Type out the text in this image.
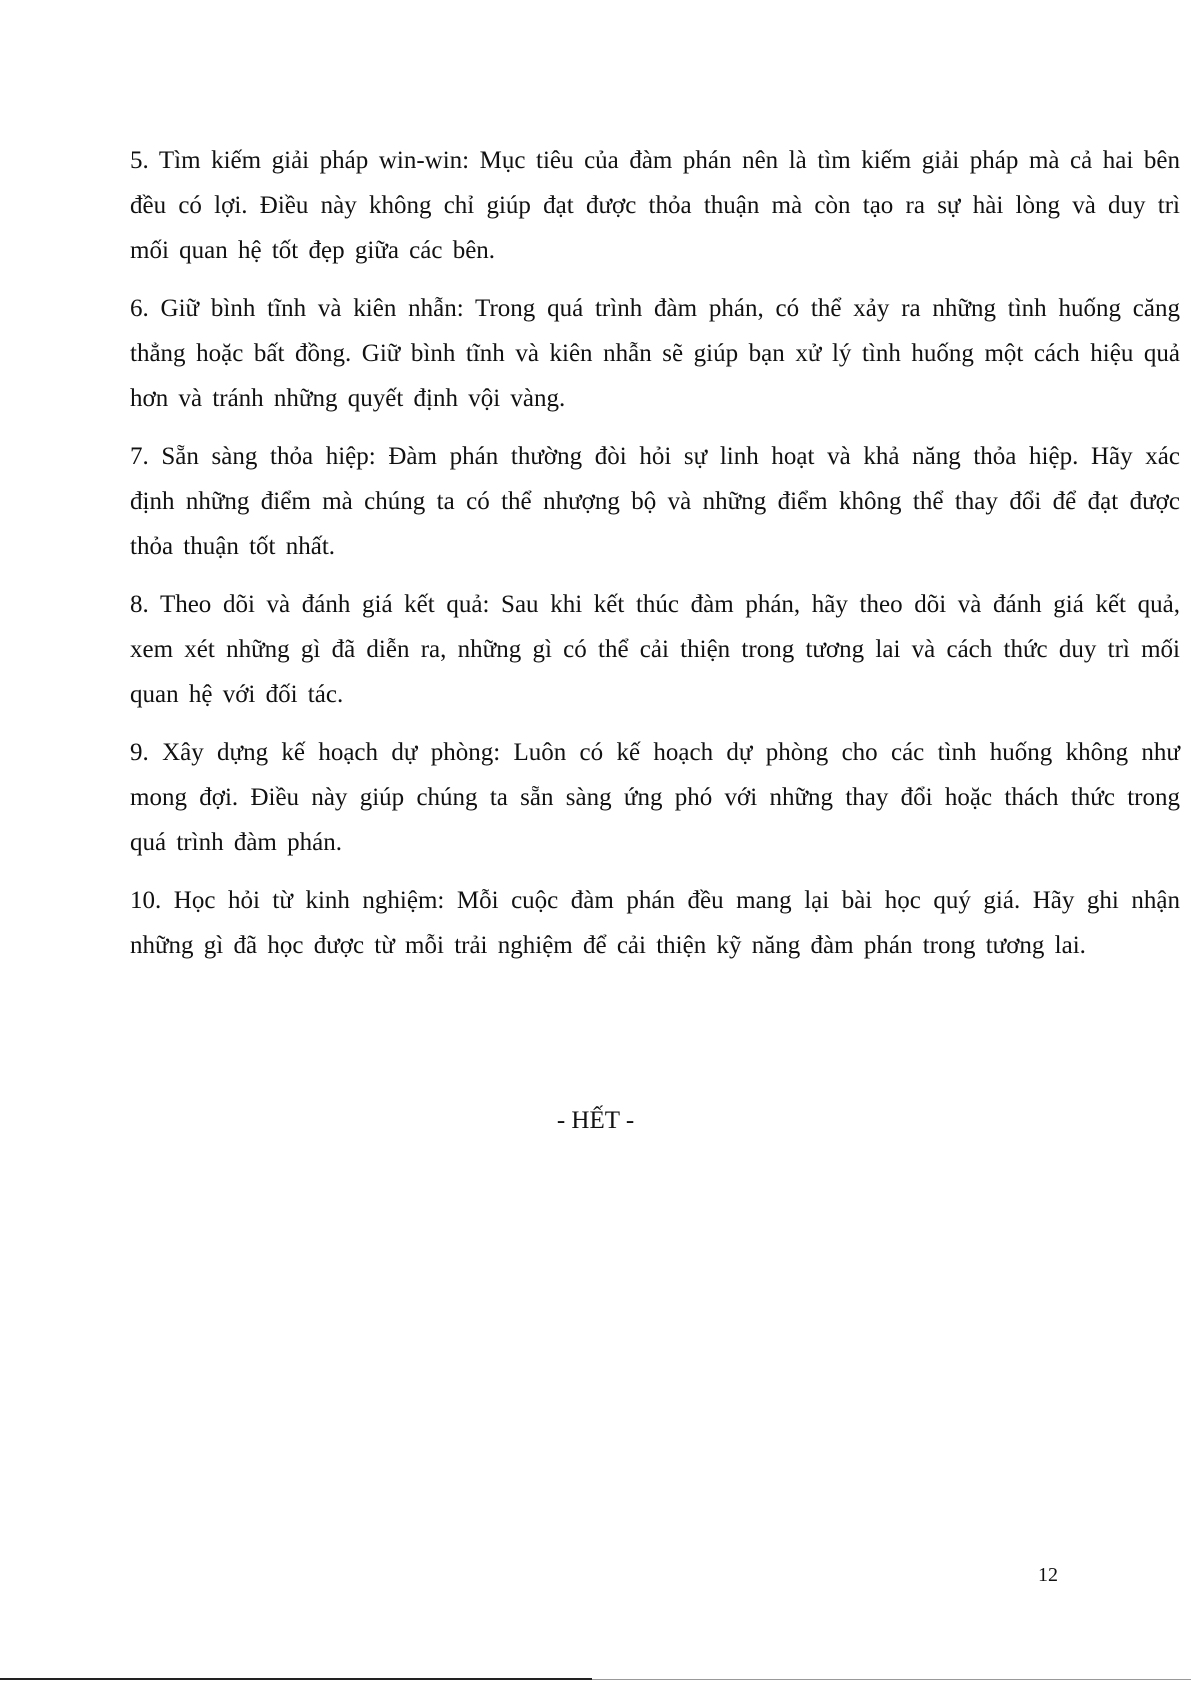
5. Tìm kiếm giải pháp win-win: Mục tiêu của đàm phán nên là tìm kiếm giải pháp mà cả hai bên đều có lợi. Điều này không chỉ giúp đạt được thỏa thuận mà còn tạo ra sự hài lòng và duy trì mối quan hệ tốt đẹp giữa các bên.

6. Giữ bình tĩnh và kiên nhẫn: Trong quá trình đàm phán, có thể xảy ra những tình huống căng thẳng hoặc bất đồng. Giữ bình tĩnh và kiên nhẫn sẽ giúp bạn xử lý tình huống một cách hiệu quả hơn và tránh những quyết định vội vàng.

7. Sẵn sàng thỏa hiệp: Đàm phán thường đòi hỏi sự linh hoạt và khả năng thỏa hiệp. Hãy xác định những điểm mà chúng ta có thể nhượng bộ và những điểm không thể thay đổi để đạt được thỏa thuận tốt nhất.

8. Theo dõi và đánh giá kết quả: Sau khi kết thúc đàm phán, hãy theo dõi và đánh giá kết quả, xem xét những gì đã diễn ra, những gì có thể cải thiện trong tương lai và cách thức duy trì mối quan hệ với đối tác.

9. Xây dựng kế hoạch dự phòng: Luôn có kế hoạch dự phòng cho các tình huống không như mong đợi. Điều này giúp chúng ta sẵn sàng ứng phó với những thay đổi hoặc thách thức trong quá trình đàm phán.

10. Học hỏi từ kinh nghiệm: Mỗi cuộc đàm phán đều mang lại bài học quý giá. Hãy ghi nhận những gì đã học được từ mỗi trải nghiệm để cải thiện kỹ năng đàm phán trong tương lai.

- HẾT -
12
